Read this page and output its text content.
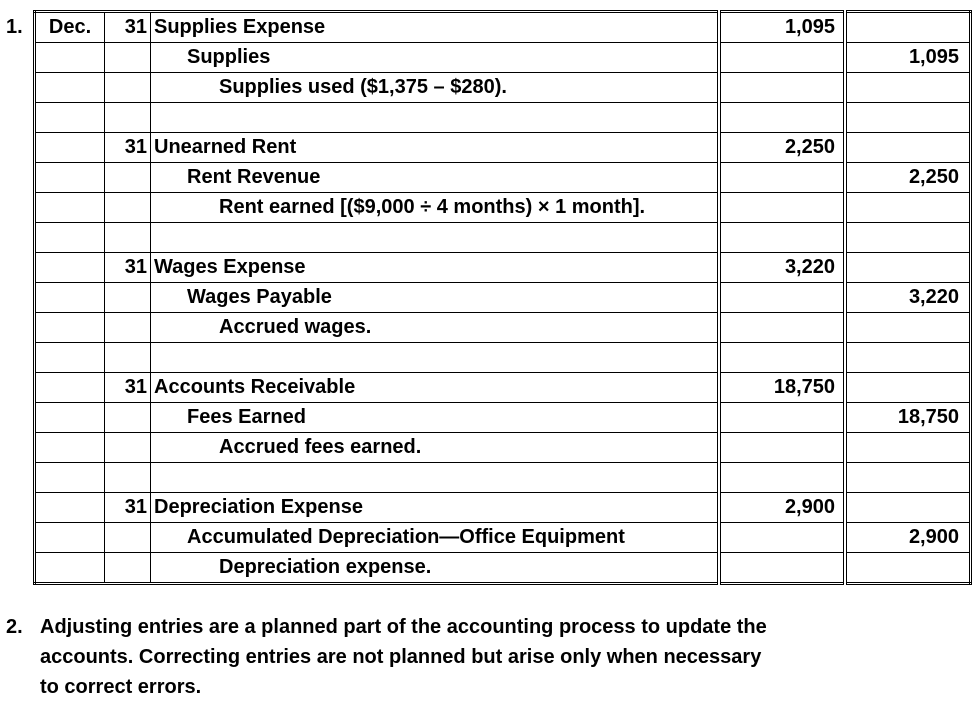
1. Dec.	31	Supplies Expense	1,095	
		Supplies		1,095
		Supplies used ($1,375 – $280).		

	31	Unearned Rent	2,250	
		Rent Revenue		2,250
		Rent earned [($9,000 ÷ 4 months) × 1 month].		

	31	Wages Expense	3,220	
		Wages Payable		3,220
		Accrued wages.		

	31	Accounts Receivable	18,750	
		Fees Earned		18,750
		Accrued fees earned.		

	31	Depreciation Expense	2,900	
		Accumulated Depreciation—Office Equipment		2,900
		Depreciation expense.		
2. Adjusting entries are a planned part of the accounting process to update the
accounts. Correcting entries are not planned but arise only when necessary
to correct errors.
